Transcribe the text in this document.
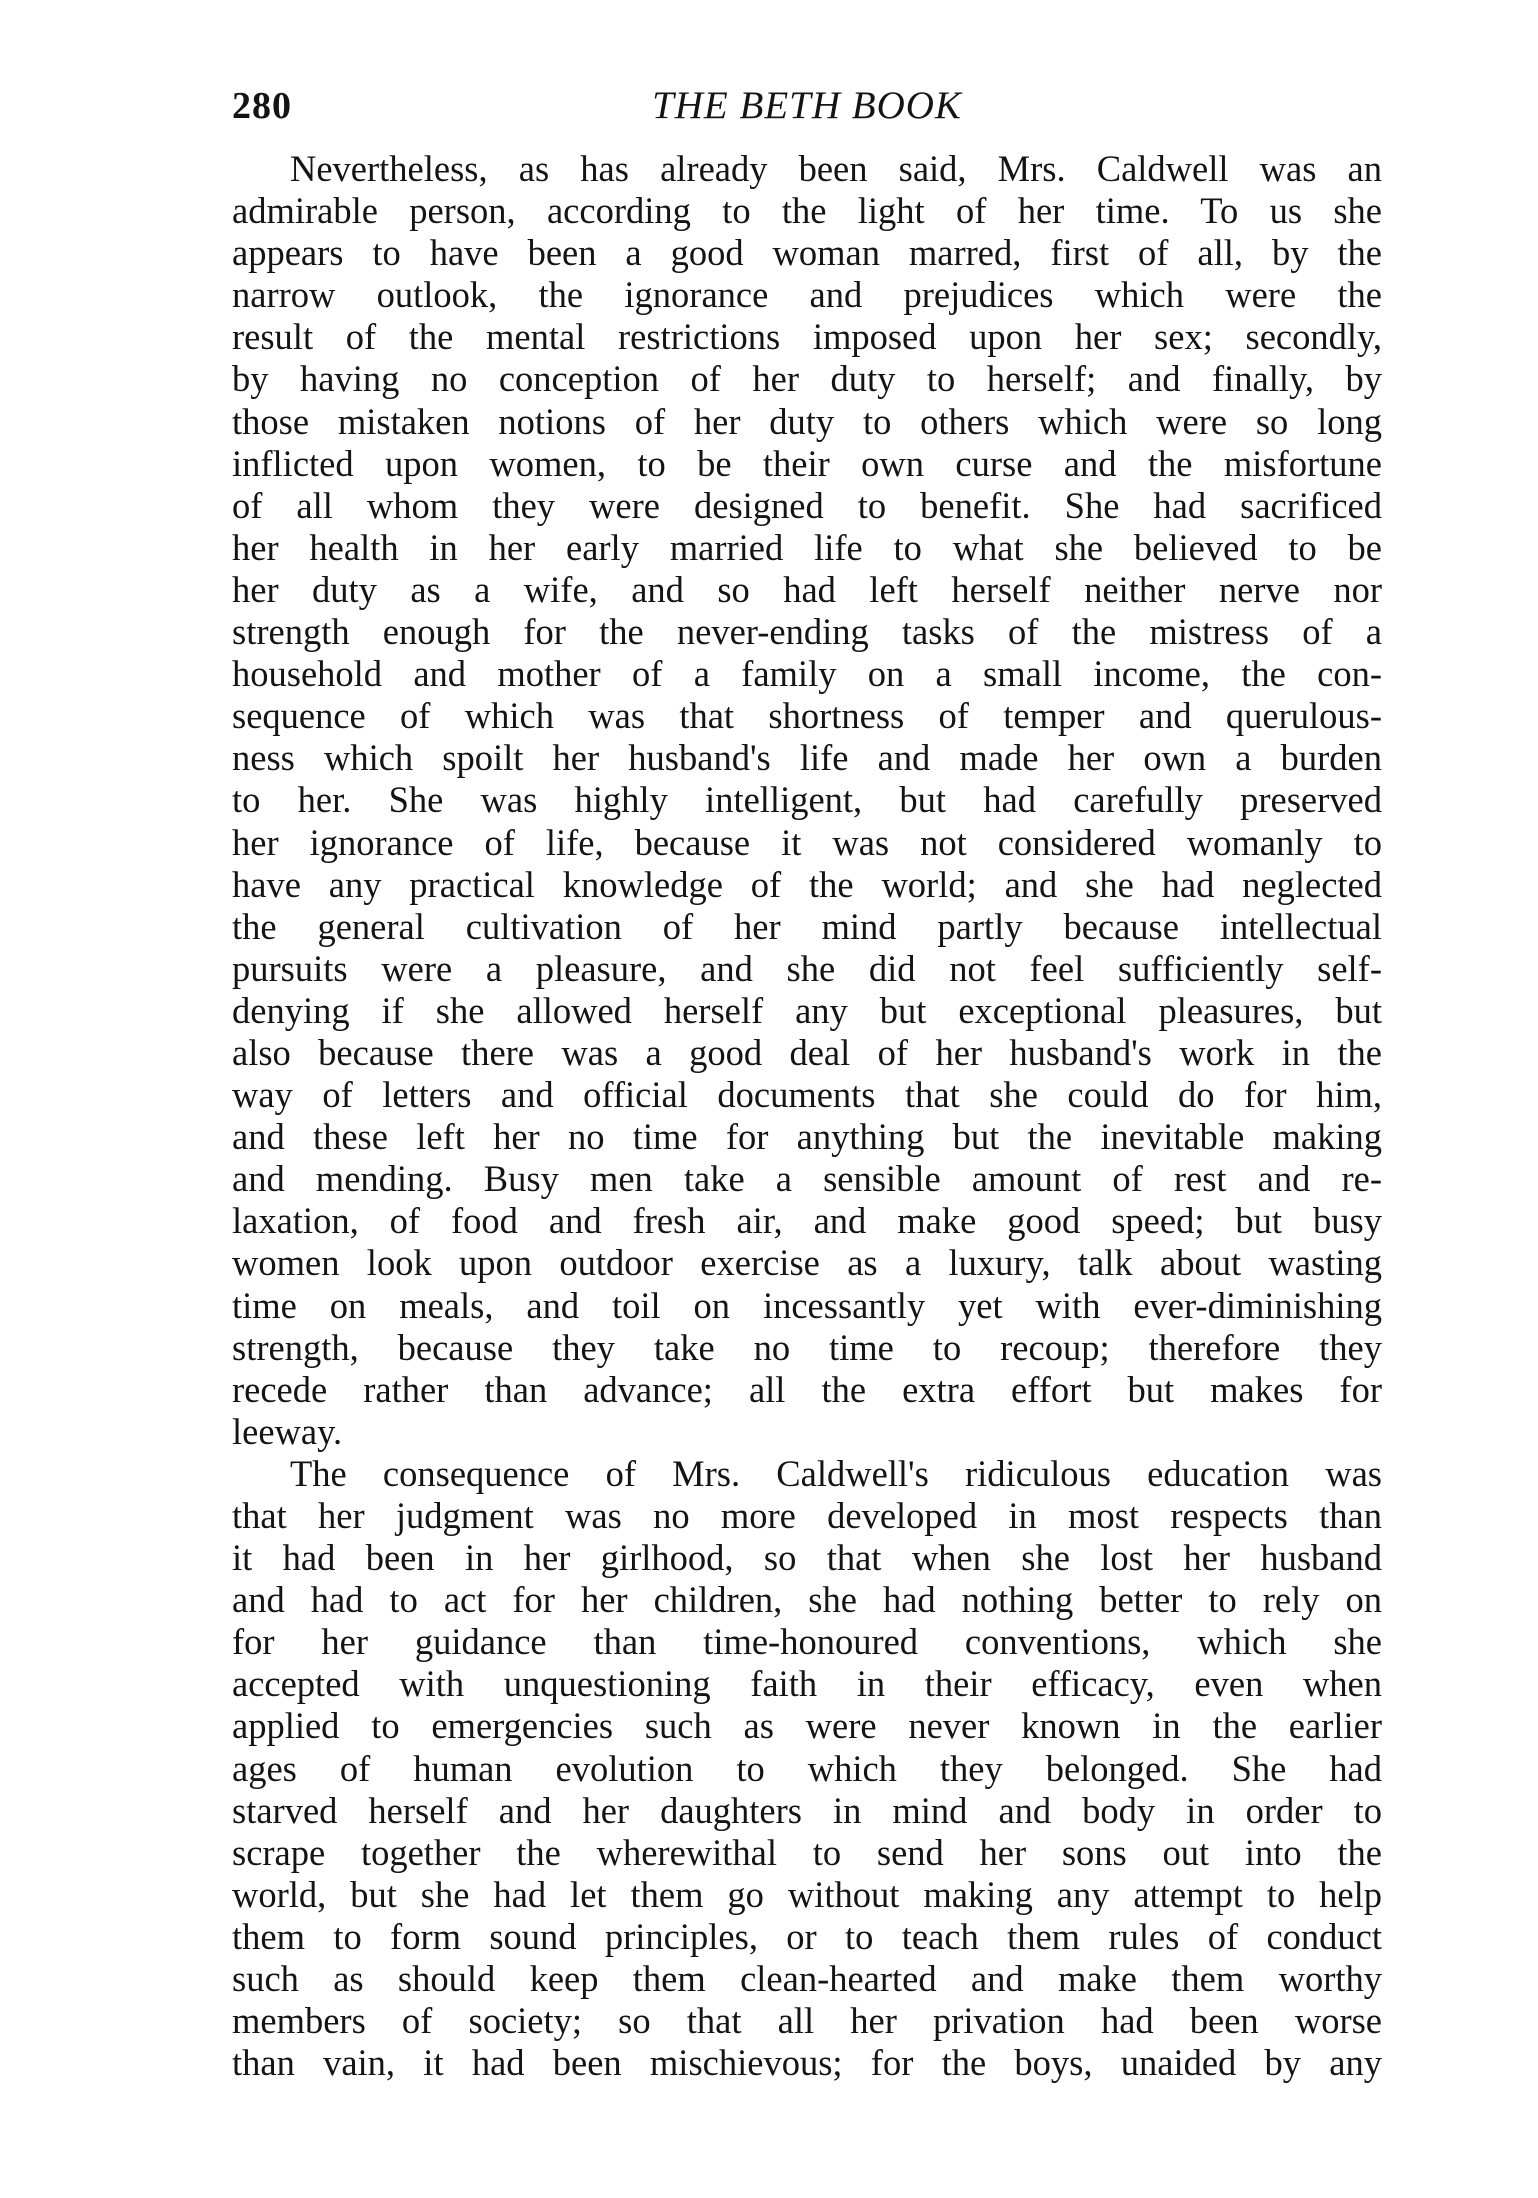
280	THE BETH BOOK
Nevertheless, as has already been said, Mrs. Caldwell was an
admirable person, according to the light of her time. To us she
appears to have been a good woman marred, first of all, by the
narrow outlook, the ignorance and prejudices which were the
result of the mental restrictions imposed upon her sex; secondly,
by having no conception of her duty to herself; and finally, by
those mistaken notions of her duty to others which were so long
inflicted upon women, to be their own curse and the misfortune
of all whom they were designed to benefit. She had sacrificed
her health in her early married life to what she believed to be
her duty as a wife, and so had left herself neither nerve nor
strength enough for the never-ending tasks of the mistress of a
household and mother of a family on a small income, the con-
sequence of which was that shortness of temper and querulous-
ness which spoilt her husband's life and made her own a burden
to her. She was highly intelligent, but had carefully preserved
her ignorance of life, because it was not considered womanly to
have any practical knowledge of the world; and she had neglected
the general cultivation of her mind partly because intellectual
pursuits were a pleasure, and she did not feel sufficiently self-
denying if she allowed herself any but exceptional pleasures, but
also because there was a good deal of her husband's work in the
way of letters and official documents that she could do for him,
and these left her no time for anything but the inevitable making
and mending. Busy men take a sensible amount of rest and re-
laxation, of food and fresh air, and make good speed; but busy
women look upon outdoor exercise as a luxury, talk about wasting
time on meals, and toil on incessantly yet with ever-diminishing
strength, because they take no time to recoup; therefore they
recede rather than advance; all the extra effort but makes for
leeway.
The consequence of Mrs. Caldwell's ridiculous education was
that her judgment was no more developed in most respects than
it had been in her girlhood, so that when she lost her husband
and had to act for her children, she had nothing better to rely on
for her guidance than time-honoured conventions, which she
accepted with unquestioning faith in their efficacy, even when
applied to emergencies such as were never known in the earlier
ages of human evolution to which they belonged. She had
starved herself and her daughters in mind and body in order to
scrape together the wherewithal to send her sons out into the
world, but she had let them go without making any attempt to help
them to form sound principles, or to teach them rules of conduct
such as should keep them clean-hearted and make them worthy
members of society; so that all her privation had been worse
than vain, it had been mischievous; for the boys, unaided by any
